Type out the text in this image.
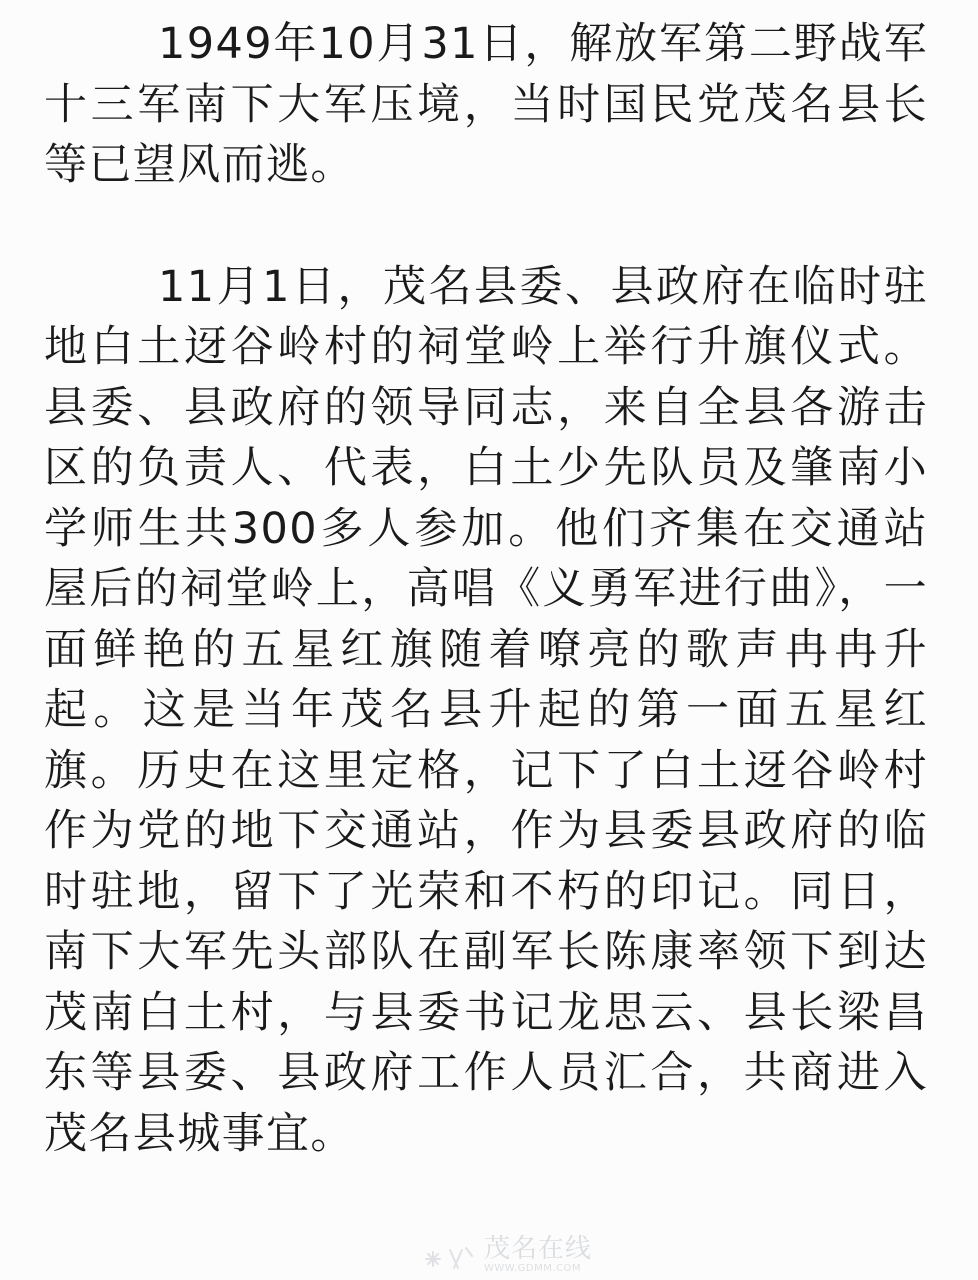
1949年10月31日，解放军第二野战军十三军南下大军压境，当时国民党茂名县长等已望风而逃。

11月1日，茂名县委、县政府在临时驻地白土迓谷岭村的祠堂岭上举行升旗仪式。县委、县政府的领导同志，来自全县各游击区的负责人、代表，白土少先队员及肇南小学师生共300多人参加。他们齐集在交通站屋后的祠堂岭上，高唱《义勇军进行曲》，一面鲜艳的五星红旗随着嘹亮的歌声冉冉升起。这是当年茂名县升起的第一面五星红旗。历史在这里定格，记下了白土迓谷岭村作为党的地下交通站，作为县委县政府的临时驻地，留下了光荣和不朽的印记。同日，南下大军先头部队在副军长陈康率领下到达茂南白土村，与县委书记龙思云、县长梁昌东等县委、县政府工作人员汇合，共商进入茂名县城事宜。

茂名在线
WWW.GDMM.COM
